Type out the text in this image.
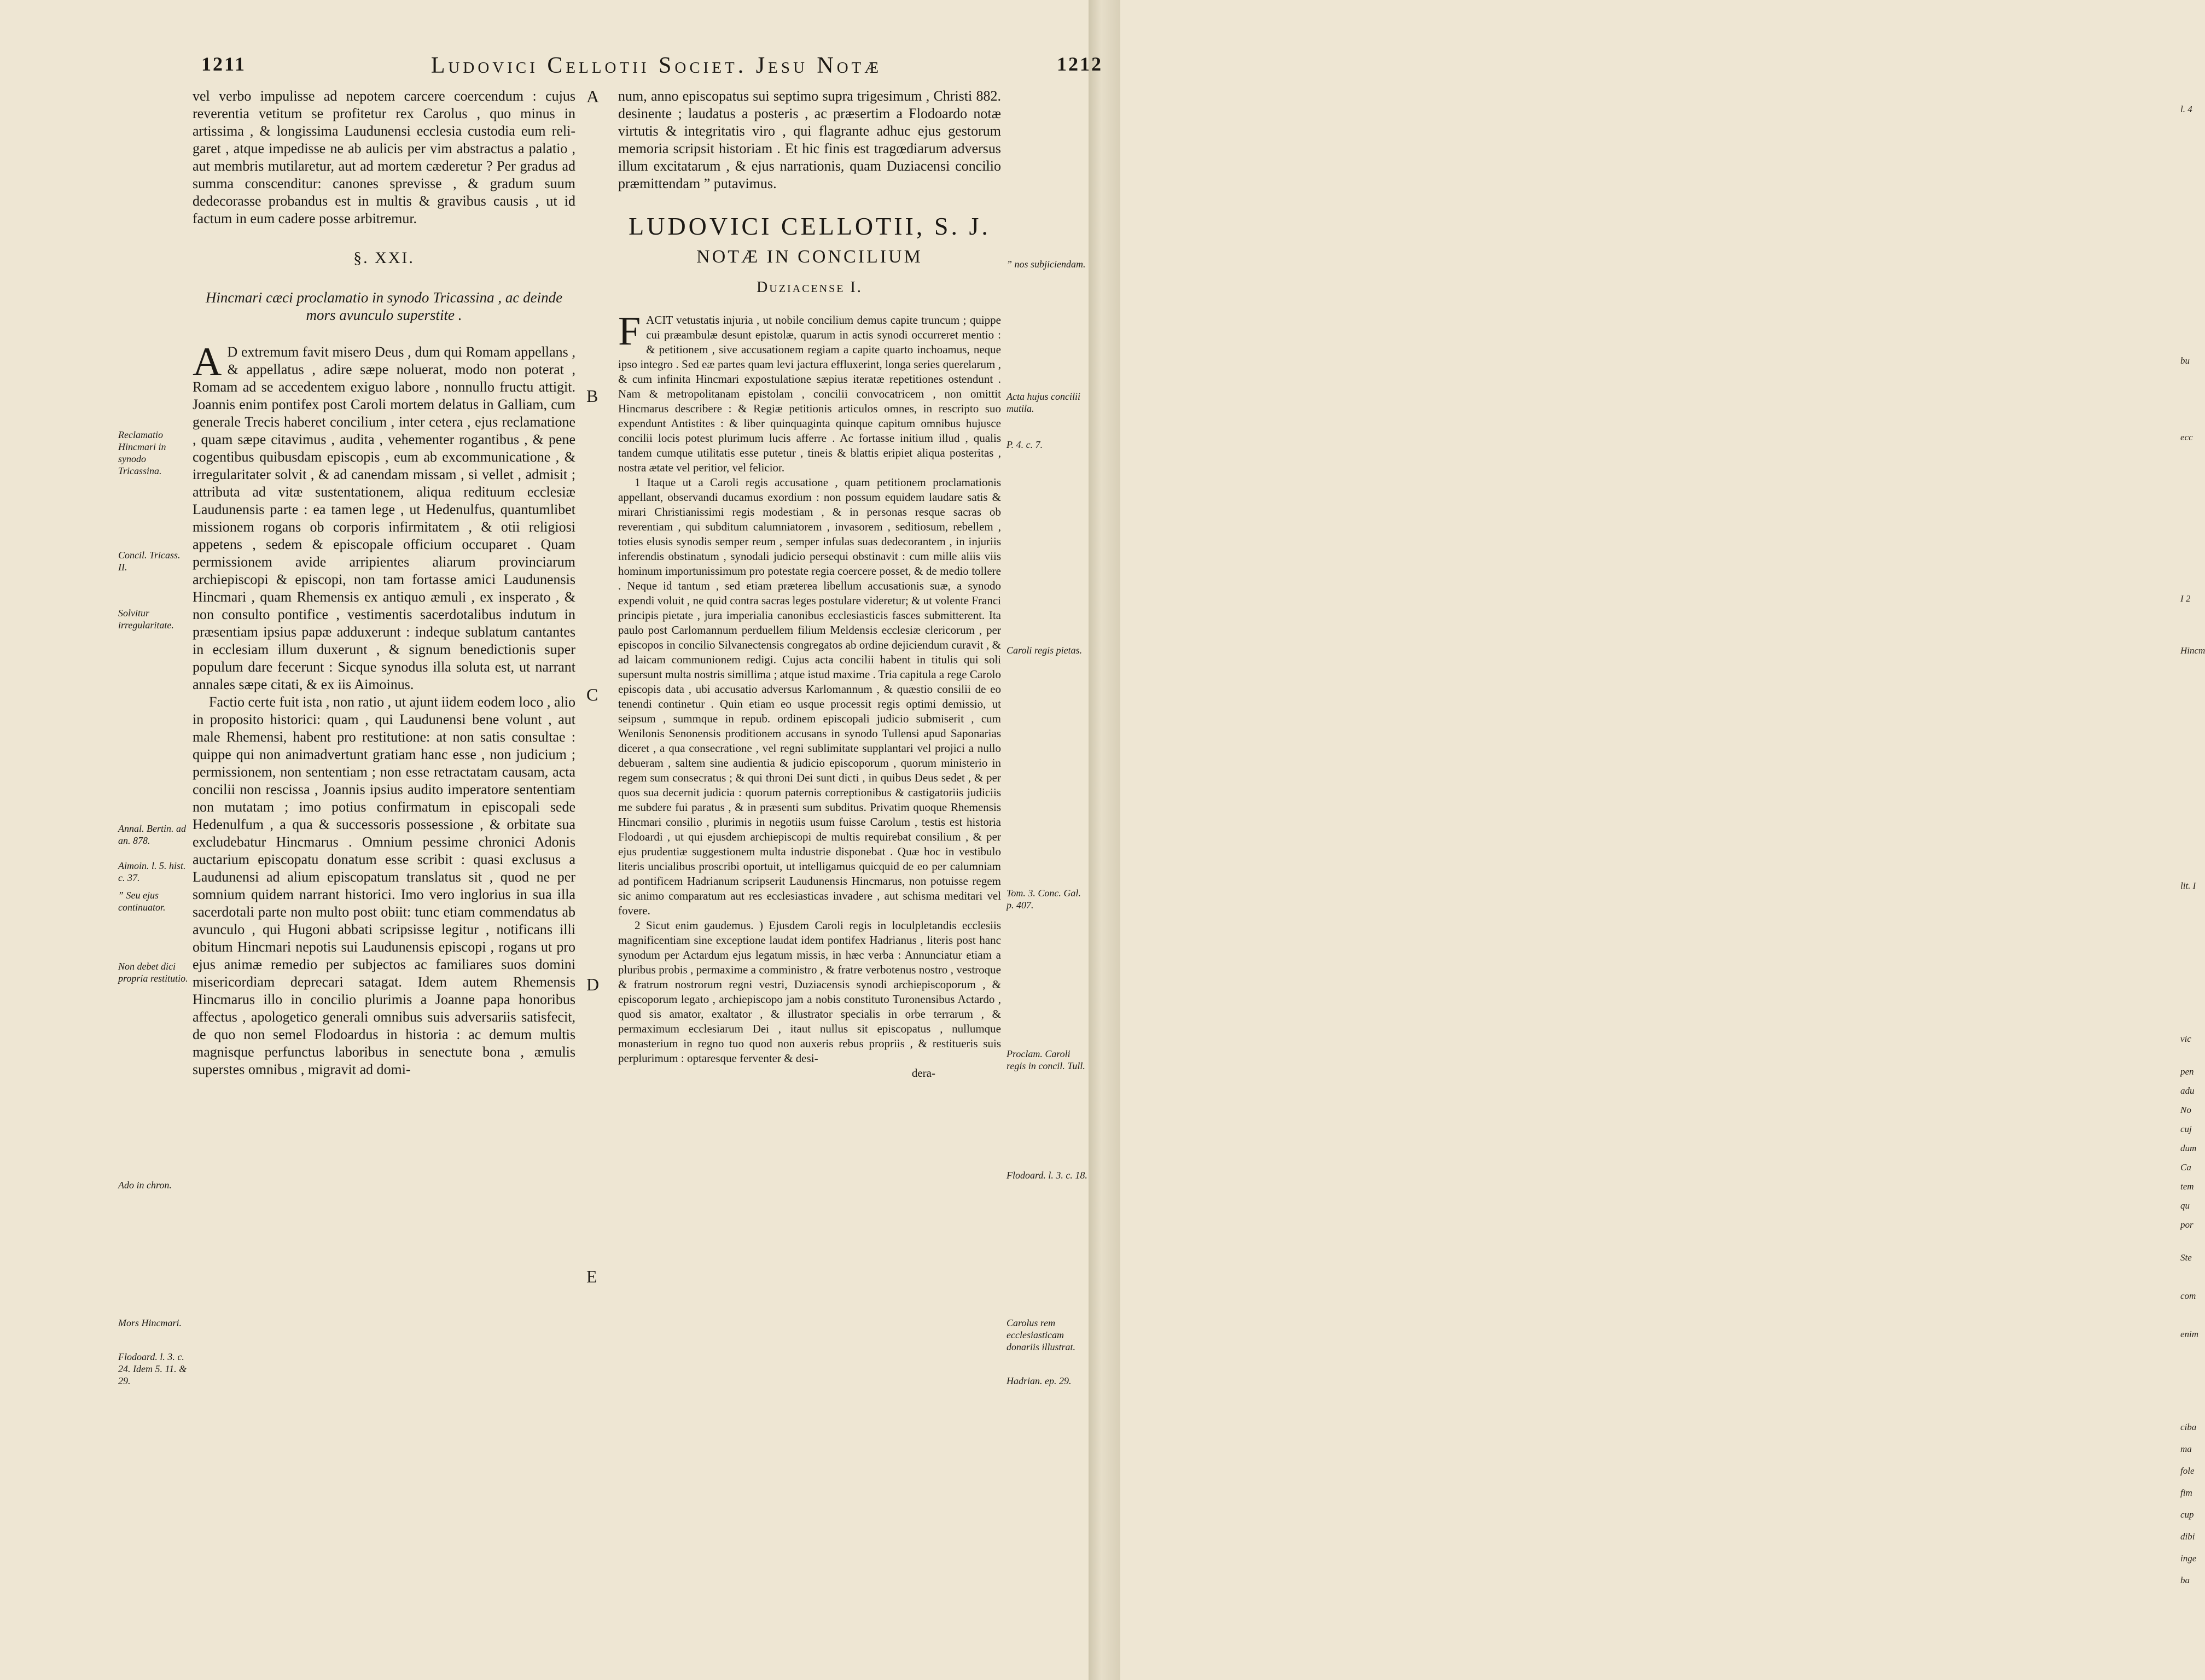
l. 4
bu
ecc
I 2
Hincm
lit. I
vic
pen
adu
No
cuj
dum
Ca
tem
qu
por
Ste
com
enim
ciba
ma
fole
fim
cup
dibi
inge
ba
1211	Ludovici Cellotii Societ. Jesu Notæ	1212
A
B
C
D
E

vel verbo impulisse ad nepotem carcere coercendum : cujus reverentia vetitum se profitetur rex Carolus , quo minus in artissima , & longissima Laudunensi ecclesia custodia eum reli-garet , atque impedisse ne ab aulicis per vim abstractus a palatio , aut membris mutilaretur, aut ad mortem cæderetur ? Per gradus ad summa conscenditur: canones sprevisse , & gradum suum dedecorasse probandus est in multis & gravibus causis , ut id factum in eum cadere posse arbitremur.

§. XXI.
Hincmari cæci proclamatio in synodo Tricassina , ac deinde mors avunculo superstite .

A D extremum favit misero Deus , dum qui Romam appellans , & appellatus , adire sæpe noluerat, modo non poterat , Romam ad se accedentem exiguo labore , nonnullo fructu attigit. Joannis enim pontifex post Caroli mortem delatus in Galliam, cum generale Trecis haberet concilium , inter cetera , ejus reclamatione , quam sæpe citavimus , audita , vehementer rogantibus , & pene cogentibus quibusdam episcopis , eum ab excommunicatione , & irregularitater solvit , & ad canendam missam , si vellet , admisit ; attributa ad vitæ sustentationem, aliqua redituum ecclesiæ Laudunensis parte : ea tamen lege , ut Hedenulfus, quantumlibet missionem rogans ob corporis infirmitatem , & otii religiosi appetens , sedem & episcopale officium occuparet . Quam permissionem avide arripientes aliarum provinciarum archiepiscopi & episcopi, non tam fortasse amici Laudunensis Hincmari , quam Rhemensis ex antiquo æmuli , ex insperato , & non consulto pontifice , vestimentis sacerdotalibus indutum in præsentiam ipsius papæ adduxerunt : indeque sublatum cantantes in ecclesiam illum duxerunt , & signum benedictionis super populum dare fecerunt : Sicque synodus illa soluta est, ut narrant annales sæpe citati, & ex iis Aimoinus.

Factio certe fuit ista , non ratio , ut ajunt iidem eodem loco , alio in proposito historici: quam , qui Laudunensi bene volunt , aut male Rhemensi, habent pro restitutione: at non satis consultae : quippe qui non animadvertunt gratiam hanc esse , non judicium ; permissionem, non sententiam ; non esse retractatam causam, acta concilii non rescissa , Joannis ipsius audito imperatore sententiam non mutatam ; imo potius confirmatum in episcopali sede Hedenulfum , a qua & successoris possessione , & orbitate sua excludebatur Hincmarus . Omnium pessime chronici Adonis auctarium episcopatu donatum esse scribit : quasi exclusus a Laudunensi ad alium episcopatum translatus sit , quod ne per somnium quidem narrant historici. Imo vero inglorius in sua illa sacerdotali parte non multo post obiit: tunc etiam commendatus ab avunculo , qui Hugoni abbati scripsisse legitur , notificans illi obitum Hincmari nepotis sui Laudunensis episcopi , rogans ut pro ejus animæ remedio per subjectos ac familiares suos domini misericordiam deprecari satagat. Idem autem Rhemensis Hincmarus illo in concilio plurimis a Joanne papa honoribus affectus , apologetico generali omnibus suis adversariis satisfecit, de quo non semel Flodoardus in historia : ac demum multis magnisque perfunctus laboribus in senectute bona , æmulis superstes omnibus , migravit ad domi-

Reclamatio Hincmari in synodo Tricassina.
Concil. Tricass. II.
Solvitur irregularitate.
Annal. Bertin. ad an. 878.
Aimoin. l. 5. hist. c. 37.
” Seu ejus continuator.
Non debet dici propria restitutio.
Ado in chron.
Mors Hincmari.
Flodoard. l. 3. c. 24. Idem 5. 11. & 29.

num, anno episcopatus sui septimo supra trigesimum , Christi 882. desinente ; laudatus a posteris , ac præsertim a Flodoardo notæ virtutis & integritatis viro , qui flagrante adhuc ejus gestorum memoria scripsit historiam . Et hic finis est tragœdiarum adversus illum excitatarum , & ejus narrationis, quam Duziacensi concilio præmittendam ” putavimus.

LUDOVICI CELLOTII, S. J.
NOTÆ IN CONCILIUM
Duziacense I.

F ACIT vetustatis injuria , ut nobile concilium demus capite truncum ; quippe cui præambulæ desunt epistolæ, quarum in actis synodi occurreret mentio : & petitionem , sive accusationem regiam a capite quarto inchoamus, neque ipso integro . Sed eæ partes quam levi jactura effluxerint, longa series querelarum , & cum infinita Hincmari expostulatione sæpius iteratæ repetitiones ostendunt . Nam & metropolitanam epistolam , concilii convocatricem , non omittit Hincmarus describere : & Regiæ petitionis articulos omnes, in rescripto suo expendunt Antistites : & liber quinquaginta quinque capitum omnibus hujusce concilii locis potest plurimum lucis afferre . Ac fortasse initium illud , qualis tandem cumque utilitatis esse putetur , tineis & blattis eripiet aliqua posteritas , nostra ætate vel peritior, vel felicior.

1 Itaque ut a Caroli regis accusatione , quam petitionem proclamationis appellant, observandi ducamus exordium : non possum equidem laudare satis & mirari Christianissimi regis modestiam , & in personas resque sacras ob reverentiam , qui subditum calumniatorem , invasorem , seditiosum, rebellem , toties elusis synodis semper reum , semper infulas suas dedecorantem , in injuriis inferendis obstinatum , synodali judicio persequi obstinavit : cum mille aliis viis hominum importunissimum pro potestate regia coercere posset, & de medio tollere . Neque id tantum , sed etiam præterea libellum accusationis suæ, a synodo expendi voluit , ne quid contra sacras leges postulare videretur; & ut volente Franci principis pietate , jura imperialia canonibus ecclesiasticis fasces submitterent. Ita paulo post Carlomannum perduellem filium Meldensis ecclesiæ clericorum , per episcopos in concilio Silvanectensis congregatos ab ordine dejiciendum curavit , & ad laicam communionem redigi. Cujus acta concilii habent in titulis qui soli supersunt multa nostris simillima ; atque istud maxime . Tria capitula a rege Carolo episcopis data , ubi accusatio adversus Karlomannum , & quæstio consilii de eo tenendi continetur . Quin etiam eo usque processit regis optimi demissio, ut seipsum , summque in repub. ordinem episcopali judicio submiserit , cum Wenilonis Senonensis proditionem accusans in synodo Tullensi apud Saponarias diceret , a qua consecratione , vel regni sublimitate supplantari vel projici a nullo debueram , saltem sine audientia & judicio episcoporum , quorum ministerio in regem sum consecratus ; & qui throni Dei sunt dicti , in quibus Deus sedet , & per quos sua decernit judicia : quorum paternis correptionibus & castigatoriis judiciis me subdere fui paratus , & in præsenti sum subditus. Privatim quoque Rhemensis Hincmari consilio , plurimis in negotiis usum fuisse Carolum , testis est historia Flodoardi , ut qui ejusdem archiepiscopi de multis requirebat consilium , & per ejus prudentiæ suggestionem multa industrie disponebat . Quæ hoc in vestibulo literis uncialibus proscribi oportuit, ut intelligamus quicquid de eo per calumniam ad pontificem Hadrianum scripserit Laudunensis Hincmarus, non potuisse regem sic animo comparatum aut res ecclesiasticas invadere , aut schisma meditari vel fovere.

2 Sicut enim gaudemus. ) Ejusdem Caroli regis in loculpletandis ecclesiis magnificentiam sine exceptione laudat idem pontifex Hadrianus , literis post hanc synodum per Actardum ejus legatum missis, in hæc verba : Annunciatur etiam a pluribus probis , permaxime a comministro , & fratre verbotenus nostro , vestroque & fratrum nostrorum regni vestri, Duziacensis synodi archiepiscoporum , & episcoporum legato , archiepiscopo jam a nobis constituto Turonensibus Actardo , quod sis amator, exaltator , & illustrator specialis in orbe terrarum , & permaximum ecclesiarum Dei , itaut nullus sit episcopatus , nullumque monasterium in regno tuo quod non auxeris rebus propriis , & restitueris suis perplurimum : optaresque ferventer & desi-

dera-
” nos subjiciendam.
Acta hujus concilii mutila.
P. 4. c. 7.
Caroli regis pietas.
Tom. 3. Conc. Gal. p. 407.
Proclam. Caroli regis in concil. Tull.
Flodoard. l. 3. c. 18.
Carolus rem ecclesiasticam donariis illustrat.
Hadrian. ep. 29.
